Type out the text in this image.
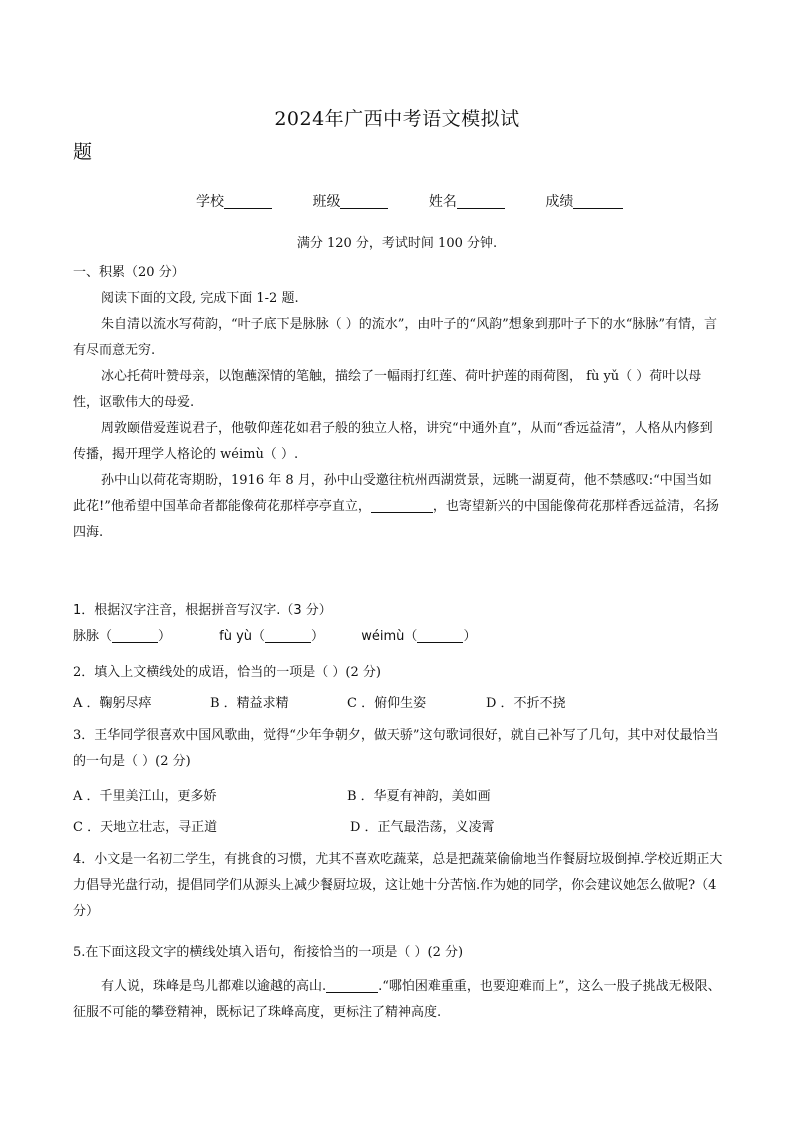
2024年广西中考语文模拟试
题
学校	班级	姓名	成绩
满分 120 分，考试时间 100 分钟.

一、积累（20 分）

阅读下面的文段, 完成下面 1-2 题.

朱自清以流水写荷韵，“叶子底下是脉脉（ ）的流水”，由叶子的“风韵”想象到那叶子下的水“脉脉”有情，言有尽而意无穷.

冰心托荷叶赞母亲，以饱蘸深情的笔触，描绘了一幅雨打红莲、荷叶护莲的雨荷图， fù yǔ（ ）荷叶以母性，讴歌伟大的母爱.

周敦颐借爱莲说君子，他敬仰莲花如君子般的独立人格，讲究“中通外直”，从而“香远益清”，人格从内修到传播，揭开理学人格论的 wéimù（ ）.

孙中山以荷花寄期盼，1916 年 8 月，孙中山受邀往杭州西湖赏景，远眺一湖夏荷，他不禁感叹:“中国当如此花!”他希望中国革命者都能像荷花那样亭亭直立，	，也寄望新兴的中国能像荷花那样香远益清，名扬四海.

1．根据汉字注音，根据拼音写汉字.（3 分）

脉脉（	）	fù yù（	）	wéimù（	）

2．填入上文横线处的成语，恰当的一项是（ ）(2 分)

A ．鞠躬尽瘁	B ．精益求精	C ．俯仰生姿	D ．不折不挠

3．王华同学很喜欢中国风歌曲，觉得“少年争朝夕，做天骄”这句歌词很好，就自己补写了几句，其中对仗最恰当的一句是（ ）(2 分)

A ．千里美江山，更多娇	B ．华夏有神韵，美如画

C ．天地立壮志，寻正道	D ．正气最浩荡，义凌霄

4．小文是一名初二学生，有挑食的习惯，尤其不喜欢吃蔬菜，总是把蔬菜偷偷地当作餐厨垃圾倒掉.学校近期正大力倡导光盘行动，提倡同学们从源头上减少餐厨垃圾，这让她十分苦恼.作为她的同学，你会建议她怎么做呢?（4 分）

5.在下面这段文字的横线处填入语句，衔接恰当的一项是（ ）(2 分)

有人说，珠峰是鸟儿都难以逾越的高山.	.“哪怕困难重重，也要迎难而上”，这么一股子挑战无极限、征服不可能的攀登精神，既标记了珠峰高度，更标注了精神高度.
